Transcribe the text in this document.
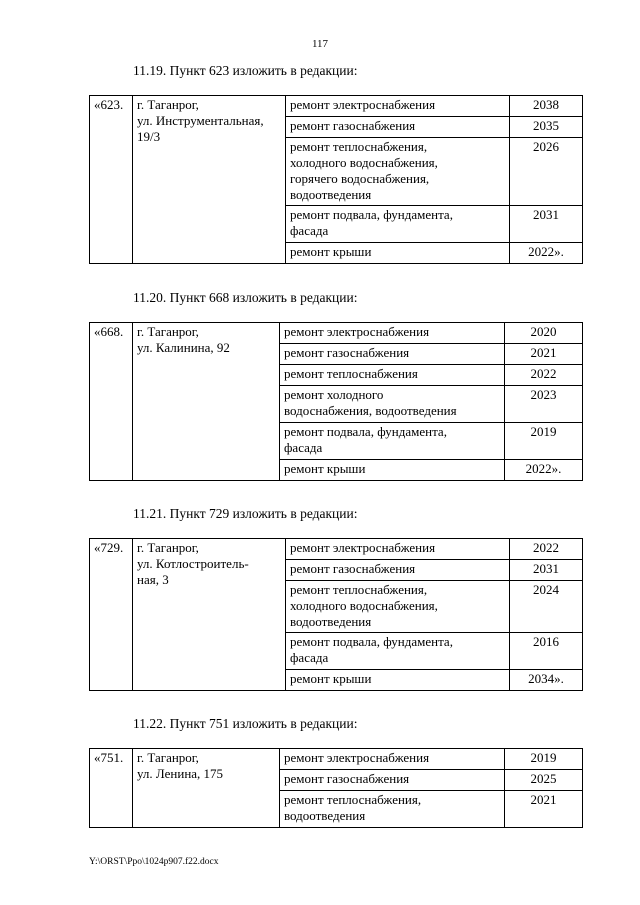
117
11.19. Пункт 623 изложить в редакции:
«623.	г. Таганрог,
ул. Инструментальная,
19/3	ремонт электроснабжения	2038

		ремонт газоснабжения	2035

		ремонт теплоснабжения,
холодного водоснабжения,
горячего водоснабжения,
водоотведения	2026

		ремонт подвала, фундамента,
фасада	2031

		ремонт крыши	2022».
11.20. Пункт 668 изложить в редакции:
«668.	г. Таганрог,
ул. Калинина, 92	ремонт электроснабжения	2020

		ремонт газоснабжения	2021

		ремонт теплоснабжения	2022

		ремонт холодного
водоснабжения, водоотведения	2023

		ремонт подвала, фундамента,
фасада	2019

		ремонт крыши	2022».
11.21. Пункт 729 изложить в редакции:
«729.	г. Таганрог,
ул. Котлостроитель-
ная, 3	ремонт электроснабжения	2022

		ремонт газоснабжения	2031

		ремонт теплоснабжения,
холодного водоснабжения,
водоотведения	2024

		ремонт подвала, фундамента,
фасада	2016

		ремонт крыши	2034».
11.22. Пункт 751 изложить в редакции:
«751.	г. Таганрог,
ул. Ленина, 175	ремонт электроснабжения	2019

		ремонт газоснабжения	2025

		ремонт теплоснабжения,
водоотведения	2021
Y:\ORST\Ppo\1024p907.f22.docx
